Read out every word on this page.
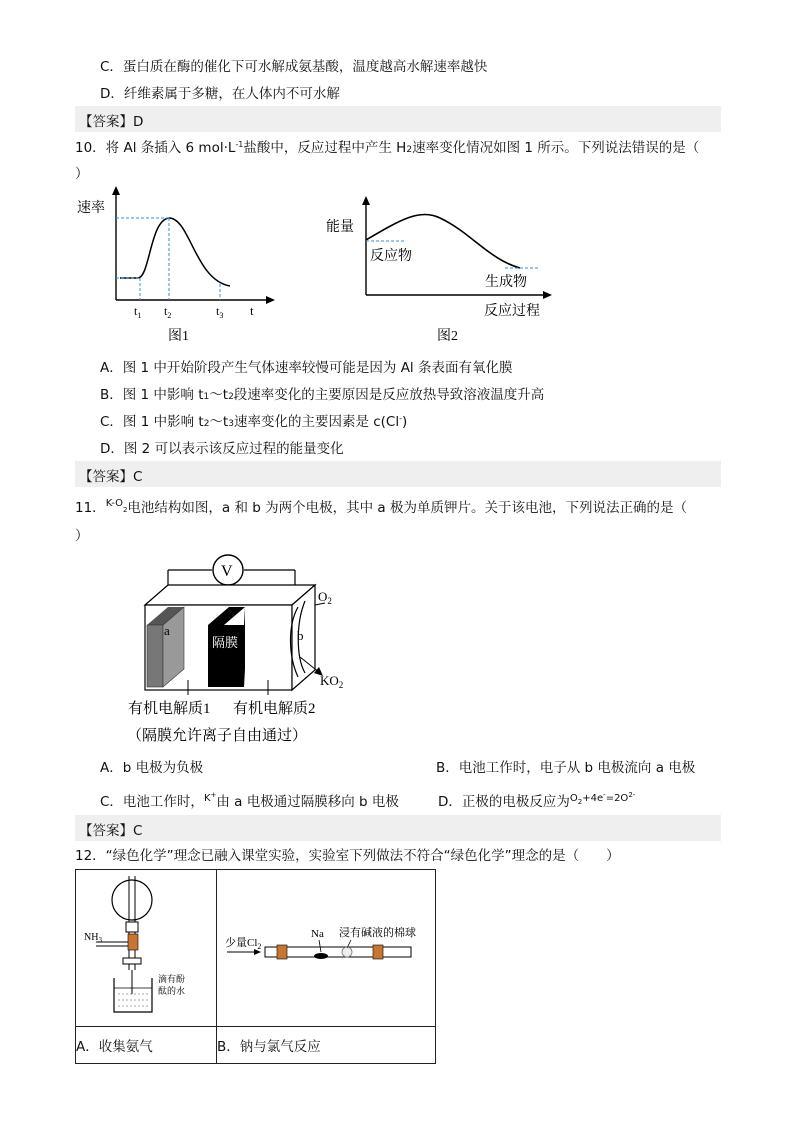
C．蛋白质在酶的催化下可水解成氨基酸，温度越高水解速率越快
D．纤维素属于多糖，在人体内不可水解
【答案】D
10．将 Al 条插入 6 $mol\cdot L^{-1}$盐酸中，反应过程中产生 H2速率变化情况如图 1 所示。下列说法错误的是（
）
速率
$t_1$ $t_2$	$t_3$ t
图1
能量
反应物
生成物
反应过程
图2
A．图 1 中开始阶段产生气体速率较慢可能是因为 Al 条表面有氧化膜
B．图 1 中影响 t1～t2段速率变化的主要原因是反应放热导致溶液温度升高
C．图 1 中影响 t2～t3速率变化的主要因素是 c(Cl-)
D．图 2 可以表示该反应过程的能量变化
【答案】C
11．$^{K-O}$2电池结构如图，a 和 b 为两个电极，其中 a 极为单质钾片。关于该电池，下列说法正确的是（
）
V
a
隔膜	b
$O_2$
$KO_2$
有机电解质1 有机电解质2
（隔膜允许离子自由通过）
A．b 电极为负极	B．电池工作时，电子从 b 电极流向 a 电极
C．电池工作时，$^{K+}$由 a 电极通过隔膜移向 b 电极	D．正极的电极反应为$^{O_2+4e^-=2O^{2-}}$
【答案】C
12．“绿色化学”理念已融入课堂实验，实验室下列做法不符合“绿色化学”理念的是（　　）
$NH_3$
滴有酚
酞的水	少量$Cl_2$
Na 浸有碱液的棉球

A．收集氨气	B．钠与氯气反应
